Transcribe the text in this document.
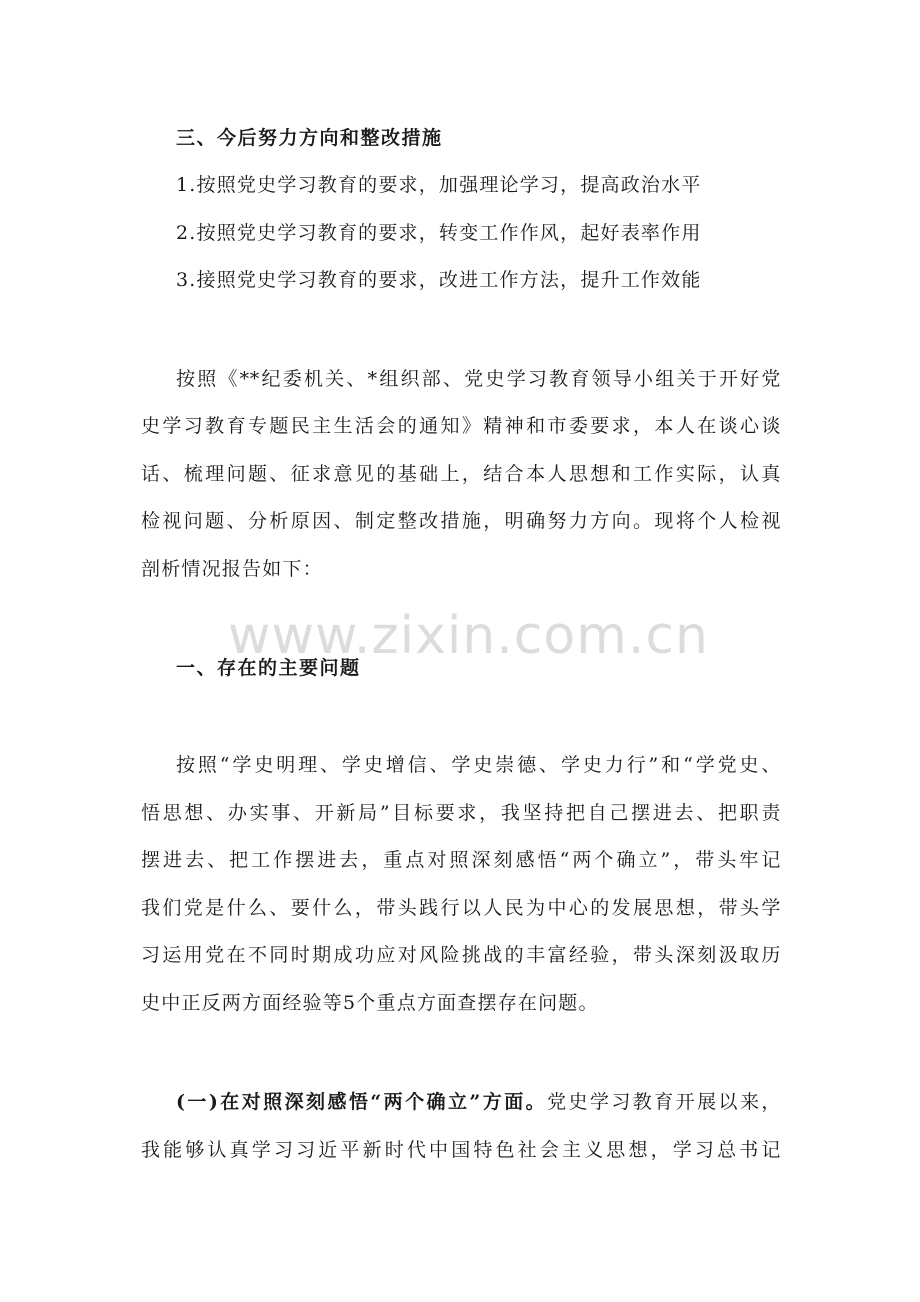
www.zixin.com.cn
三、今后努力方向和整改措施
1.按照党史学习教育的要求，加强理论学习，提高政治水平
2.按照党史学习教育的要求，转变工作作风，起好表率作用
3.接照党史学习教育的要求，改进工作方法，提升工作效能
按照《**纪委机关、*组织部、党史学习教育领导小组关于开好党
史学习教育专题民主生活会的通知》精神和市委要求，本人在谈心谈
话、梳理问题、征求意见的基础上，结合本人思想和工作实际，认真
检视问题、分析原因、制定整改措施，明确努力方向。现将个人检视
剖析情况报告如下：
一、存在的主要问题
按照“学史明理、学史增信、学史崇德、学史力行”和“学党史、
悟思想、办实事、开新局”目标要求，我坚持把自己摆进去、把职责
摆进去、把工作摆进去，重点对照深刻感悟“两个确立”，带头牢记
我们党是什么、要什么，带头践行以人民为中心的发展思想，带头学
习运用党在不同时期成功应对风险挑战的丰富经验，带头深刻汲取历
史中正反两方面经验等5个重点方面查摆存在问题。
(一)在对照深刻感悟“两个确立”方面。党史学习教育开展以来，
我能够认真学习习近平新时代中国特色社会主义思想，学习总书记
